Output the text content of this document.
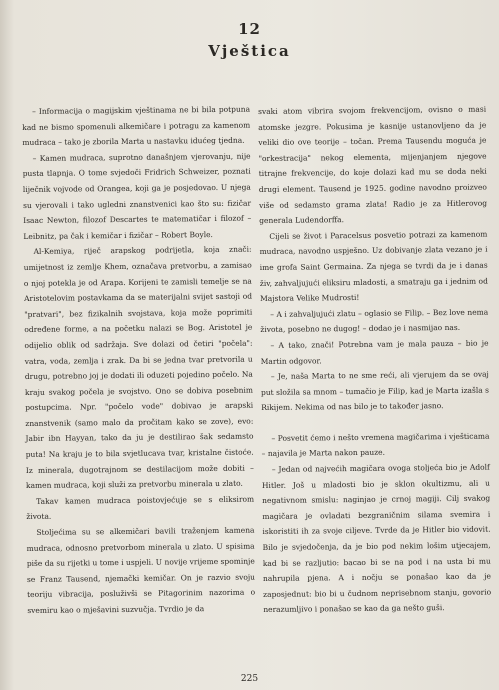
12
Vještica

– Informacija o magijskim vještinama ne bi bila potpuna kad ne bismo spomenuli alkemičare i potragu za kamenom mudraca – tako je zborila Marta u nastavku idućeg tjedna.

– Kamen mudraca, suprotno današnjem vjerovanju, nije pusta tlapnja. O tome svjedoči Fridrich Schweizer, poznati liječnik vojvode od Orangea, koji ga je posjedovao. U njega su vjerovali i tako ugledni znanstvenici kao što su: fizičar Isaac Newton, filozof Descartes te matematičar i filozof – Leibnitz, pa čak i kemičar i fizičar – Robert Boyle.

Al-Kemiya, riječ arapskog podrijetla, koja znači: umijetnost iz zemlje Khem, označava pretvorbu, a zamisao o njoj potekla je od Arapa. Korijeni te zamisli temelje se na Aristotelovim postavkama da se materijalni svijet sastoji od "pratvari", bez fizikalnih svojstava, koja može poprimiti određene forme, a na početku nalazi se Bog. Aristotel je odijelio oblik od sadržaja. Sve dolazi od četiri "počela": vatra, voda, zemlja i zrak. Da bi se jedna tvar pretvorila u drugu, potrebno joj je dodati ili oduzeti pojedino počelo. Na kraju svakog počela je svojstvo. Ono se dobiva posebnim postupcima. Npr. "počelo vode" dobivao je arapski znanstvenik (samo malo da pročitam kako se zove), evo: Jabir ibn Hayyan, tako da ju je destilirao šak sedamsto puta! Na kraju je to bila svjetlucava tvar, kristalne čistoće. Iz minerala, dugotrajnom se destilacijom može dobiti – kamen mudraca, koji služi za pretvorbu minerala u zlato.

Takav kamen mudraca poistovjećuje se s eliksirom života.

Stoljećima su se alkemičari bavili traženjem kamena mudraca, odnosno pretvorbom minerala u zlato. U spisima piše da su rijetki u tome i uspjeli. U novije vrijeme spominje se Franz Tausend, njemački kemičar. On je razvio svoju teoriju vibracija, posluživši se Pitagorinim nazorima o svemiru kao o mješavini suzvučja. Tvrdio je da

svaki atom vibrira svojom frekvencijom, ovisno o masi atomske jezgre. Pokusima je kasnije ustanovljeno da je veliki dio ove teorije – točan. Prema Tausendu moguća je "orkestracija" nekog elementa, mijenjanjem njegove titrajne frekvencije, do koje dolazi kad mu se doda neki drugi element. Tausend je 1925. godine navodno proizveo više od sedamsto grama zlata! Radio je za Hitlerovog generala Ludendorffa.

Cijeli se život i Paracelsus posvetio potrazi za kamenom mudraca, navodno uspješno. Uz dobivanje zlata vezano je i ime grofa Saint Germaina. Za njega se tvrdi da je i danas živ, zahvaljujući eliksiru mladosti, a smatraju ga i jednim od Majstora Velike Mudrosti!

– A i zahvaljujući zlatu – oglasio se Filip. – Bez love nema života, posebno ne dugog! – dodao je i nasmijao nas.

– A tako, znači! Potrebna vam je mala pauza – bio je Martin odgovor.

– Je, naša Marta to ne sme reći, ali vjerujem da se ovaj put složila sa mnom – tumačio je Filip, kad je Marta izašla s Rikijem. Nekima od nas bilo je to također jasno.

– Posvetit ćemo i nešto vremena magičarima i vješticama – najavila je Marta nakon pauze.

– Jedan od najvećih magičara ovoga stoljeća bio je Adolf Hitler. Još u mladosti bio je sklon okultizmu, ali u negativnom smislu: naginjao je crnoj magiji. Cilj svakog magičara je ovladati bezgraničnim silama svemira i iskoristiti ih za svoje ciljeve. Tvrde da je Hitler bio vidovit. Bilo je svjedočenja, da je bio pod nekim lošim utjecajem, kad bi se razljutio: bacao bi se na pod i na usta bi mu nahrupila pjena. A i nočju se ponašao kao da je zaposjednut: bio bi u čudnom neprisebnom stanju, govorio nerazumljivo i ponašao se kao da ga nešto guši.

225
